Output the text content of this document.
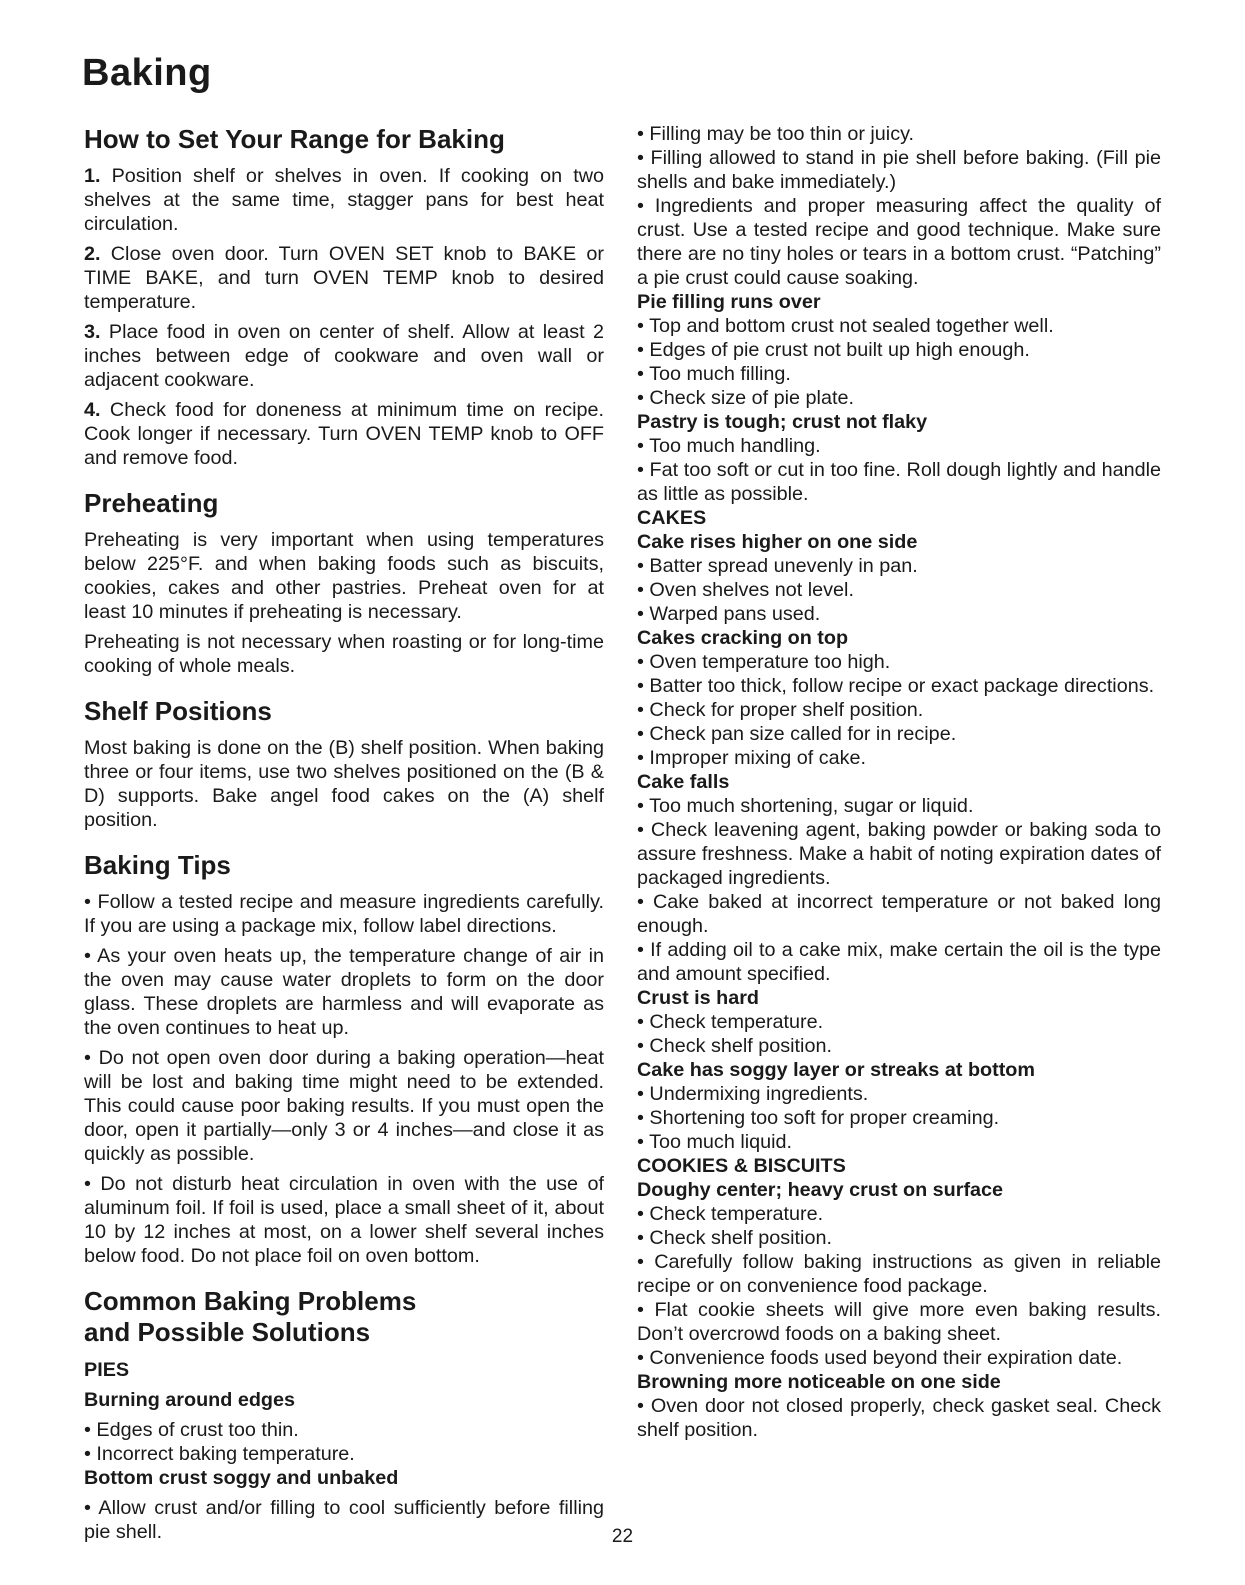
Baking
How to Set Your Range for Baking

1. Position shelf or shelves in oven. If cooking on two shelves at the same time, stagger pans for best heat circulation.

2. Close oven door. Turn OVEN SET knob to BAKE or TIME BAKE, and turn OVEN TEMP knob to desired temperature.

3. Place food in oven on center of shelf. Allow at least 2 inches between edge of cookware and oven wall or adjacent cookware.

4. Check food for doneness at minimum time on recipe. Cook longer if necessary. Turn OVEN TEMP knob to OFF and remove food.

Preheating

Preheating is very important when using temperatures below 225°F. and when baking foods such as biscuits, cookies, cakes and other pastries. Preheat oven for at least 10 minutes if preheating is necessary.

Preheating is not necessary when roasting or for long-time cooking of whole meals.

Shelf Positions

Most baking is done on the (B) shelf position. When baking three or four items, use two shelves positioned on the (B & D) supports. Bake angel food cakes on the (A) shelf position.

Baking Tips

• Follow a tested recipe and measure ingredients carefully. If you are using a package mix, follow label directions.

• As your oven heats up, the temperature change of air in the oven may cause water droplets to form on the door glass. These droplets are harmless and will evaporate as the oven continues to heat up.

• Do not open oven door during a baking operation—heat will be lost and baking time might need to be extended. This could cause poor baking results. If you must open the door, open it partially—only 3 or 4 inches—and close it as quickly as possible.

• Do not disturb heat circulation in oven with the use of aluminum foil. If foil is used, place a small sheet of it, about 10 by 12 inches at most, on a lower shelf several inches below food. Do not place foil on oven bottom.

Common Baking Problems
and Possible Solutions

PIES

Burning around edges

• Edges of crust too thin.

• Incorrect baking temperature.

Bottom crust soggy and unbaked

• Allow crust and/or filling to cool sufficiently before filling pie shell.

• Filling may be too thin or juicy.

• Filling allowed to stand in pie shell before baking. (Fill pie shells and bake immediately.)

• Ingredients and proper measuring affect the quality of crust. Use a tested recipe and good technique. Make sure there are no tiny holes or tears in a bottom crust. “Patching” a pie crust could cause soaking.

Pie filling runs over

• Top and bottom crust not sealed together well.

• Edges of pie crust not built up high enough.

• Too much filling.

• Check size of pie plate.

Pastry is tough; crust not flaky

• Too much handling.

• Fat too soft or cut in too fine. Roll dough lightly and handle as little as possible.

CAKES

Cake rises higher on one side

• Batter spread unevenly in pan.

• Oven shelves not level.

• Warped pans used.

Cakes cracking on top

• Oven temperature too high.

• Batter too thick, follow recipe or exact package directions.

• Check for proper shelf position.

• Check pan size called for in recipe.

• Improper mixing of cake.

Cake falls

• Too much shortening, sugar or liquid.

• Check leavening agent, baking powder or baking soda to assure freshness. Make a habit of noting expiration dates of packaged ingredients.

• Cake baked at incorrect temperature or not baked long enough.

• If adding oil to a cake mix, make certain the oil is the type and amount specified.

Crust is hard

• Check temperature.

• Check shelf position.

Cake has soggy layer or streaks at bottom

• Undermixing ingredients.

• Shortening too soft for proper creaming.

• Too much liquid.

COOKIES & BISCUITS

Doughy center; heavy crust on surface

• Check temperature.

• Check shelf position.

• Carefully follow baking instructions as given in reliable recipe or on convenience food package.

• Flat cookie sheets will give more even baking results. Don’t overcrowd foods on a baking sheet.

• Convenience foods used beyond their expiration date.

Browning more noticeable on one side

• Oven door not closed properly, check gasket seal. Check shelf position.

22
